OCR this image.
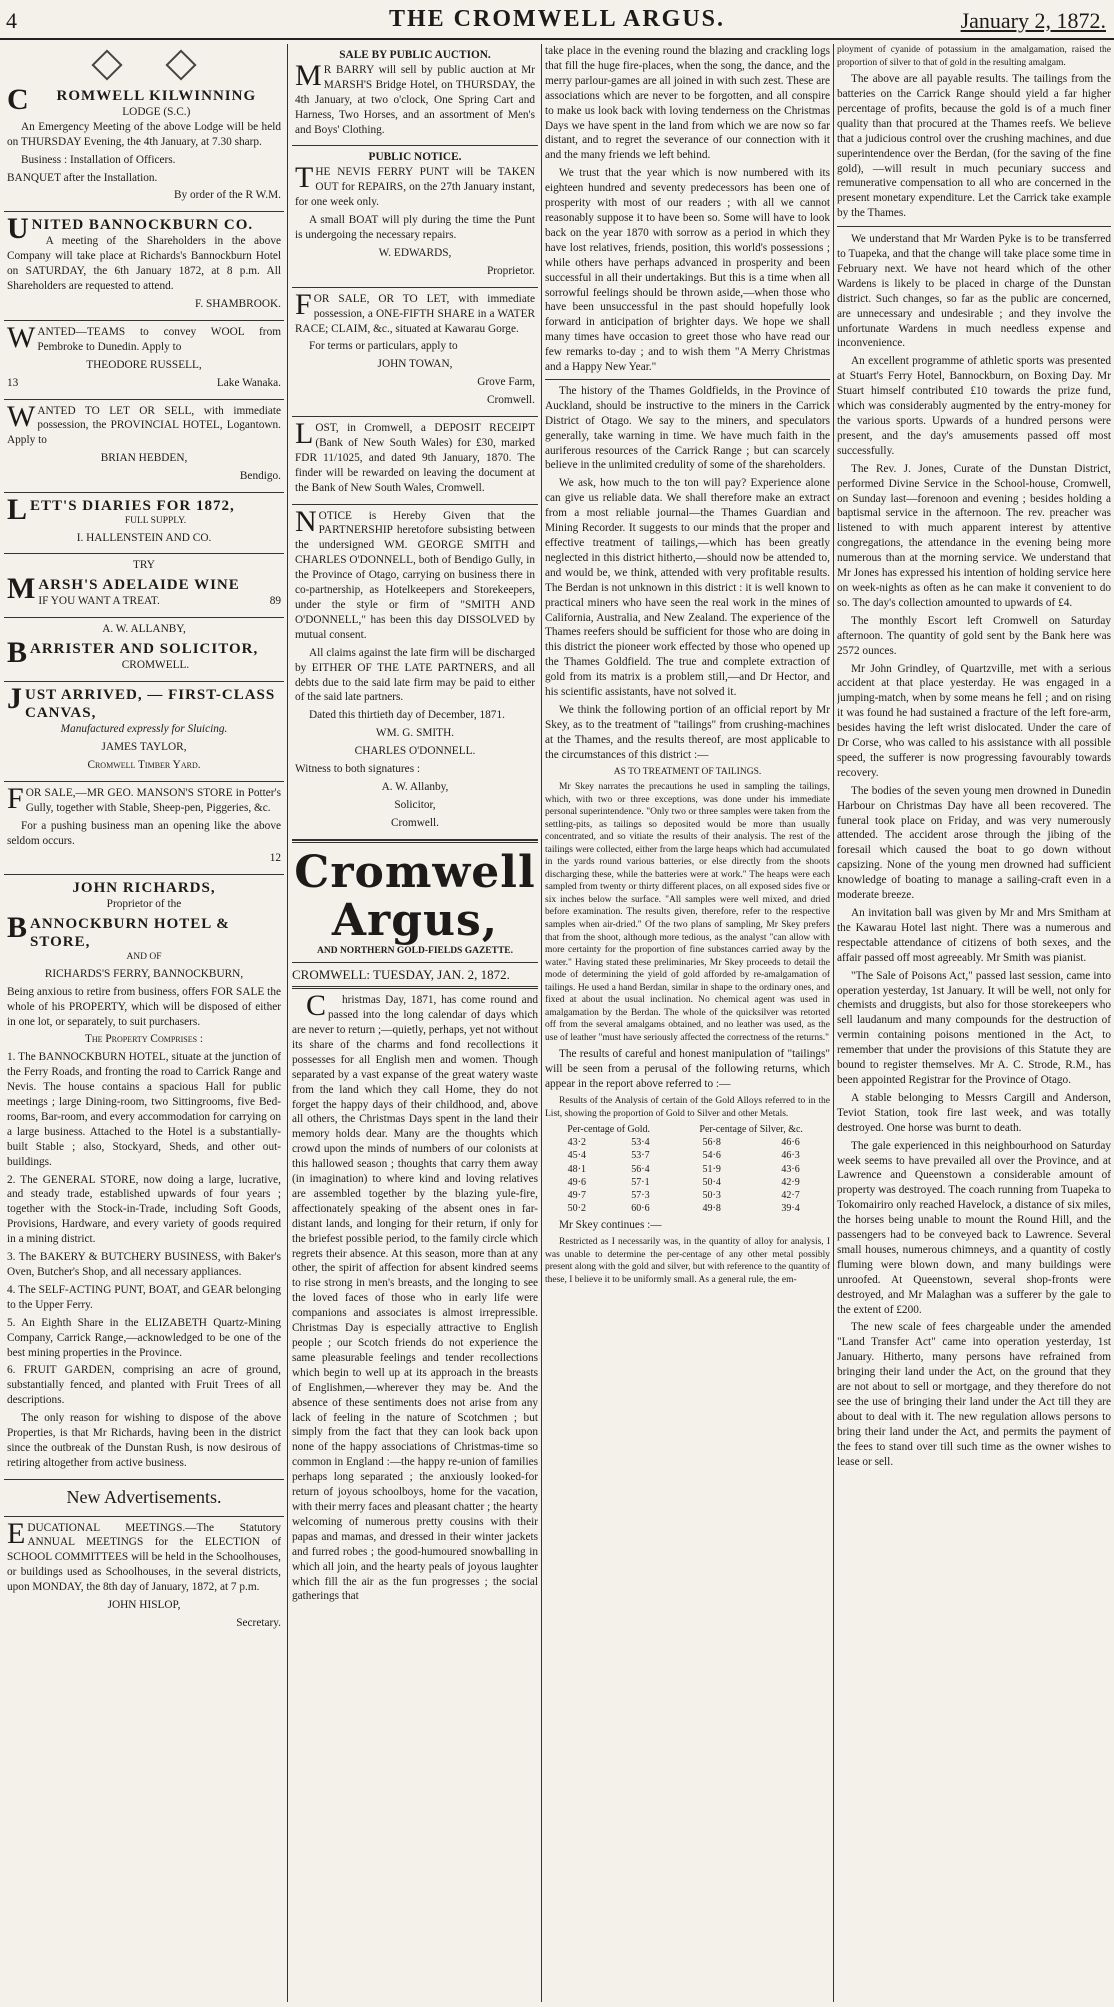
4	THE CROMWELL ARGUS.	January 2, 1872.
CROMWELL KILWINNING
LODGE (S.C.)

An Emergency Meeting of the above Lodge will be held on THURSDAY Evening, the 4th January, at 7.30 sharp.

Business : Installation of Officers.

BANQUET after the Installation.

By order of the R W.M.

UNITED BANNOCKBURN CO.

A meeting of the Shareholders in the above Company will take place at Richards's Bannockburn Hotel on SATURDAY, the 6th January 1872, at 8 p.m. All Shareholders are requested to attend.

F. SHAMBROOK.

WANTED—TEAMS to convey WOOL from Pembroke to Dunedin. Apply to

THEODORE RUSSELL,

13	Lake Wanaka.

WANTED TO LET OR SELL, with immediate possession, the PROVINCIAL HOTEL, Logantown. Apply to

BRIAN HEBDEN,

Bendigo.

LETT'S DIARIES FOR 1872,

FULL SUPPLY.

I. HALLENSTEIN AND CO.

TRY

MARSH'S ADELAIDE WINE

IF YOU WANT A TREAT.	89

A. W. ALLANBY,

BARRISTER AND SOLICITOR,

CROMWELL.

JUST ARRIVED, — FIRST-CLASS CANVAS,

Manufactured expressly for Sluicing.

JAMES TAYLOR,

Cromwell Timber Yard.

FOR SALE,—MR GEO. MANSON'S STORE in Potter's Gully, together with Stable, Sheep-pen, Piggeries, &c.

For a pushing business man an opening like the above seldom occurs.

12

JOHN RICHARDS,

Proprietor of the

BANNOCKBURN HOTEL & STORE,

AND OF

RICHARDS'S FERRY, BANNOCKBURN,

Being anxious to retire from business, offers FOR SALE the whole of his PROPERTY, which will be disposed of either in one lot, or separately, to suit purchasers.

The Property Comprises :

1. The BANNOCKBURN HOTEL, situate at the junction of the Ferry Roads, and fronting the road to Carrick Range and Nevis. The house contains a spacious Hall for public meetings ; large Dining-room, two Sittingrooms, five Bed-rooms, Bar-room, and every accommodation for carrying on a large business. Attached to the Hotel is a substantially-built Stable ; also, Stockyard, Sheds, and other out-buildings.

2. The GENERAL STORE, now doing a large, lucrative, and steady trade, established upwards of four years ; together with the Stock-in-Trade, including Soft Goods, Provisions, Hardware, and every variety of goods required in a mining district.

3. The BAKERY & BUTCHERY BUSINESS, with Baker's Oven, Butcher's Shop, and all necessary appliances.

4. The SELF-ACTING PUNT, BOAT, and GEAR belonging to the Upper Ferry.

5. An Eighth Share in the ELIZABETH Quartz-Mining Company, Carrick Range,—acknowledged to be one of the best mining properties in the Province.

6. FRUIT GARDEN, comprising an acre of ground, substantially fenced, and planted with Fruit Trees of all descriptions.

The only reason for wishing to dispose of the above Properties, is that Mr Richards, having been in the district since the outbreak of the Dunstan Rush, is now desirous of retiring altogether from active business.

New Advertisements.

EDUCATIONAL MEETINGS.—The Statutory ANNUAL MEETINGS for the ELECTION of SCHOOL COMMITTEES will be held in the Schoolhouses, or buildings used as Schoolhouses, in the several districts, upon MONDAY, the 8th day of January, 1872, at 7 p.m.

JOHN HISLOP,

Secretary.

SALE BY PUBLIC AUCTION.

MR BARRY will sell by public auction at Mr MARSH'S Bridge Hotel, on THURSDAY, the 4th January, at two o'clock, One Spring Cart and Harness, Two Horses, and an assortment of Men's and Boys' Clothing.

PUBLIC NOTICE.

THE NEVIS FERRY PUNT will be TAKEN OUT for REPAIRS, on the 27th January instant, for one week only.

A small BOAT will ply during the time the Punt is undergoing the necessary repairs.

W. EDWARDS,

Proprietor.

FOR SALE, OR TO LET, with immediate possession, a ONE-FIFTH SHARE in a WATER RACE; CLAIM, &c., situated at Kawarau Gorge.

For terms or particulars, apply to

JOHN TOWAN,

Grove Farm,

Cromwell.

LOST, in Cromwell, a DEPOSIT RECEIPT (Bank of New South Wales) for £30, marked FDR 11/1025, and dated 9th January, 1870. The finder will be rewarded on leaving the document at the Bank of New South Wales, Cromwell.

NOTICE is Hereby Given that the PARTNERSHIP heretofore subsisting between the undersigned WM. GEORGE SMITH and CHARLES O'DONNELL, both of Bendigo Gully, in the Province of Otago, carrying on business there in co-partnership, as Hotelkeepers and Storekeepers, under the style or firm of "SMITH AND O'DONNELL," has been this day DISSOLVED by mutual consent.

All claims against the late firm will be discharged by EITHER OF THE LATE PARTNERS, and all debts due to the said late firm may be paid to either of the said late partners.

Dated this thirtieth day of December, 1871.

WM. G. SMITH.

CHARLES O'DONNELL.

Witness to both signatures :

A. W. Allanby,

Solicitor,

Cromwell.

Cromwell Argus,
AND NORTHERN GOLD-FIELDS GAZETTE.
CROMWELL: TUESDAY, JAN. 2, 1872.

Christmas Day, 1871, has come round and passed into the long calendar of days which are never to return ;—quietly, perhaps, yet not without its share of the charms and fond recollections it possesses for all English men and women. Though separated by a vast expanse of the great watery waste from the land which they call Home, they do not forget the happy days of their childhood, and, above all others, the Christmas Days spent in the land their memory holds dear. Many are the thoughts which crowd upon the minds of numbers of our colonists at this hallowed season ; thoughts that carry them away (in imagination) to where kind and loving relatives are assembled together by the blazing yule-fire, affectionately speaking of the absent ones in far-distant lands, and longing for their return, if only for the briefest possible period, to the family circle which regrets their absence. At this season, more than at any other, the spirit of affection for absent kindred seems to rise strong in men's breasts, and the longing to see the loved faces of those who in early life were companions and associates is almost irrepressible. Christmas Day is especially attractive to English people ; our Scotch friends do not experience the same pleasurable feelings and tender recollections which begin to well up at its approach in the breasts of Englishmen,—wherever they may be. And the absence of these sentiments does not arise from any lack of feeling in the nature of Scotchmen ; but simply from the fact that they can look back upon none of the happy associations of Christmas-time so common in England :—the happy re-union of families perhaps long separated ; the anxiously looked-for return of joyous schoolboys, home for the vacation, with their merry faces and pleasant chatter ; the hearty welcoming of numerous pretty cousins with their papas and mamas, and dressed in their winter jackets and furred robes ; the good-humoured snowballing in which all join, and the hearty peals of joyous laughter which fill the air as the fun progresses ; the social gatherings that

take place in the evening round the blazing and crackling logs that fill the huge fire-places, when the song, the dance, and the merry parlour-games are all joined in with such zest. These are associations which are never to be forgotten, and all conspire to make us look back with loving tenderness on the Christmas Days we have spent in the land from which we are now so far distant, and to regret the severance of our connection with it and the many friends we left behind.

We trust that the year which is now numbered with its eighteen hundred and seventy predecessors has been one of prosperity with most of our readers ; with all we cannot reasonably suppose it to have been so. Some will have to look back on the year 1870 with sorrow as a period in which they have lost relatives, friends, position, this world's possessions ; while others have perhaps advanced in prosperity and been successful in all their undertakings. But this is a time when all sorrowful feelings should be thrown aside,—when those who have been unsuccessful in the past should hopefully look forward in anticipation of brighter days. We hope we shall many times have occasion to greet those who have read our few remarks to-day ; and to wish them "A Merry Christmas and a Happy New Year."

The history of the Thames Goldfields, in the Province of Auckland, should be instructive to the miners in the Carrick District of Otago. We say to the miners, and speculators generally, take warning in time. We have much faith in the auriferous resources of the Carrick Range ; but can scarcely believe in the unlimited credulity of some of the shareholders.

We ask, how much to the ton will pay? Experience alone can give us reliable data. We shall therefore make an extract from a most reliable journal—the Thames Guardian and Mining Recorder. It suggests to our minds that the proper and effective treatment of tailings,—which has been greatly neglected in this district hitherto,—should now be attended to, and would be, we think, attended with very profitable results. The Berdan is not unknown in this district : it is well known to practical miners who have seen the real work in the mines of California, Australia, and New Zealand. The experience of the Thames reefers should be sufficient for those who are doing in this district the pioneer work effected by those who opened up the Thames Goldfield. The true and complete extraction of gold from its matrix is a problem still,—and Dr Hector, and his scientific assistants, have not solved it.

We think the following portion of an official report by Mr Skey, as to the treatment of "tailings" from crushing-machines at the Thames, and the results thereof, are most applicable to the circumstances of this district :—

AS TO TREATMENT OF TAILINGS.

Mr Skey narrates the precautions he used in sampling the tailings, which, with two or three exceptions, was done under his immediate personal superintendence. "Only two or three samples were taken from the settling-pits, as tailings so deposited would be more than usually concentrated, and so vitiate the results of their analysis. The rest of the tailings were collected, either from the large heaps which had accumulated in the yards round various batteries, or else directly from the shoots discharging these, while the batteries were at work." The heaps were each sampled from twenty or thirty different places, on all exposed sides five or six inches below the surface. "All samples were well mixed, and dried before examination. The results given, therefore, refer to the respective samples when air-dried." Of the two plans of sampling, Mr Skey prefers that from the shoot, although more tedious, as the analyst "can allow with more certainty for the proportion of fine substances carried away by the water." Having stated these preliminaries, Mr Skey proceeds to detail the mode of determining the yield of gold afforded by re-amalgamation of tailings. He used a hand Berdan, similar in shape to the ordinary ones, and fixed at about the usual inclination. No chemical agent was used in amalgamation by the Berdan. The whole of the quicksilver was retorted off from the several amalgams obtained, and no leather was used, as the use of leather "must have seriously affected the correctness of the returns."

The results of careful and honest manipulation of "tailings" will be seen from a perusal of the following returns, which appear in the report above referred to :—

Results of the Analysis of certain of the Gold Alloys referred to in the List, showing the proportion of Gold to Silver and other Metals.

Per-centage of Gold.		Per-centage of Silver, &c.	
43·2	53·4	56·8	46·6
45·4	53·7	54·6	46·3
48·1	56·4	51·9	43·6
49·6	57·1	50·4	42·9
49·7	57·3	50·3	42·7
50·2	60·6	49·8	39·4

Mr Skey continues :—

Restricted as I necessarily was, in the quantity of alloy for analysis, I was unable to determine the per-centage of any other metal possibly present along with the gold and silver, but with reference to the quantity of these, I believe it to be uniformly small. As a general rule, the em-

ployment of cyanide of potassium in the amalgamation, raised the proportion of silver to that of gold in the resulting amalgam.

The above are all payable results. The tailings from the batteries on the Carrick Range should yield a far higher percentage of profits, because the gold is of a much finer quality than that procured at the Thames reefs. We believe that a judicious control over the crushing machines, and due superintendence over the Berdan, (for the saving of the fine gold), —will result in much pecuniary success and remunerative compensation to all who are concerned in the present monetary expenditure. Let the Carrick take example by the Thames.

We understand that Mr Warden Pyke is to be transferred to Tuapeka, and that the change will take place some time in February next. We have not heard which of the other Wardens is likely to be placed in charge of the Dunstan district. Such changes, so far as the public are concerned, are unnecessary and undesirable ; and they involve the unfortunate Wardens in much needless expense and inconvenience.

An excellent programme of athletic sports was presented at Stuart's Ferry Hotel, Bannockburn, on Boxing Day. Mr Stuart himself contributed £10 towards the prize fund, which was considerably augmented by the entry-money for the various sports. Upwards of a hundred persons were present, and the day's amusements passed off most successfully.

The Rev. J. Jones, Curate of the Dunstan District, performed Divine Service in the School-house, Cromwell, on Sunday last—forenoon and evening ; besides holding a baptismal service in the afternoon. The rev. preacher was listened to with much apparent interest by attentive congregations, the attendance in the evening being more numerous than at the morning service. We understand that Mr Jones has expressed his intention of holding service here on week-nights as often as he can make it convenient to do so. The day's collection amounted to upwards of £4.

The monthly Escort left Cromwell on Saturday afternoon. The quantity of gold sent by the Bank here was 2572 ounces.

Mr John Grindley, of Quartzville, met with a serious accident at that place yesterday. He was engaged in a jumping-match, when by some means he fell ; and on rising it was found he had sustained a fracture of the left fore-arm, besides having the left wrist dislocated. Under the care of Dr Corse, who was called to his assistance with all possible speed, the sufferer is now progressing favourably towards recovery.

The bodies of the seven young men drowned in Dunedin Harbour on Christmas Day have all been recovered. The funeral took place on Friday, and was very numerously attended. The accident arose through the jibing of the foresail which caused the boat to go down without capsizing. None of the young men drowned had sufficient knowledge of boating to manage a sailing-craft even in a moderate breeze.

An invitation ball was given by Mr and Mrs Smitham at the Kawarau Hotel last night. There was a numerous and respectable attendance of citizens of both sexes, and the affair passed off most agreeably. Mr Smith was pianist.

"The Sale of Poisons Act," passed last session, came into operation yesterday, 1st January. It will be well, not only for chemists and druggists, but also for those storekeepers who sell laudanum and many compounds for the destruction of vermin containing poisons mentioned in the Act, to remember that under the provisions of this Statute they are bound to register themselves. Mr A. C. Strode, R.M., has been appointed Registrar for the Province of Otago.

A stable belonging to Messrs Cargill and Anderson, Teviot Station, took fire last week, and was totally destroyed. One horse was burnt to death.

The gale experienced in this neighbourhood on Saturday week seems to have prevailed all over the Province, and at Lawrence and Queenstown a considerable amount of property was destroyed. The coach running from Tuapeka to Tokomairiro only reached Havelock, a distance of six miles, the horses being unable to mount the Round Hill, and the passengers had to be conveyed back to Lawrence. Several small houses, numerous chimneys, and a quantity of costly fluming were blown down, and many buildings were unroofed. At Queenstown, several shop-fronts were destroyed, and Mr Malaghan was a sufferer by the gale to the extent of £200.

The new scale of fees chargeable under the amended "Land Transfer Act" came into operation yesterday, 1st January. Hitherto, many persons have refrained from bringing their land under the Act, on the ground that they are not about to sell or mortgage, and they therefore do not see the use of bringing their land under the Act till they are about to deal with it. The new regulation allows persons to bring their land under the Act, and permits the payment of the fees to stand over till such time as the owner wishes to lease or sell.
